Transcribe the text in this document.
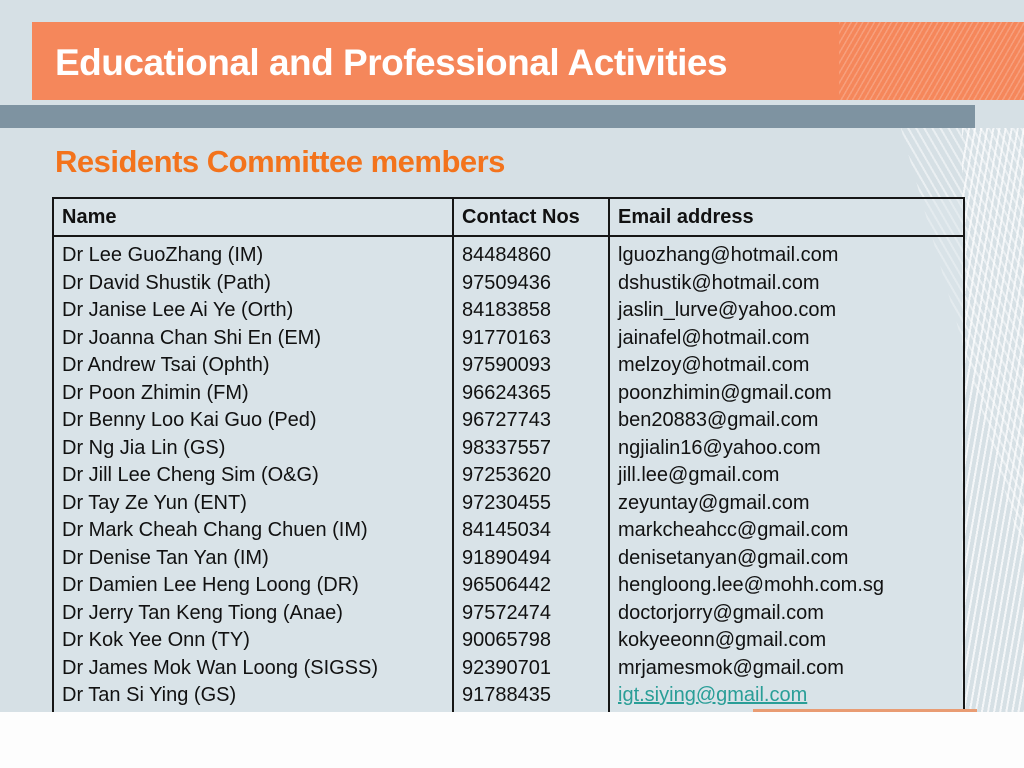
Educational and Professional Activities
Residents Committee members
Name	Contact Nos	Email address
Dr Lee GuoZhang (IM)
Dr David Shustik (Path)
Dr Janise Lee Ai Ye (Orth)
Dr Joanna Chan Shi En (EM)
Dr Andrew Tsai (Ophth)
Dr Poon Zhimin (FM)
Dr Benny Loo Kai Guo (Ped)
Dr Ng Jia Lin (GS)
Dr Jill Lee Cheng Sim (O&G)
Dr Tay Ze Yun (ENT)
Dr Mark Cheah Chang Chuen (IM)
Dr Denise Tan Yan (IM)
Dr Damien Lee Heng Loong (DR)
Dr Jerry Tan Keng Tiong (Anae)
Dr Kok Yee Onn (TY)
Dr James Mok Wan Loong (SIGSS)
Dr Tan Si Ying (GS)
84484860
97509436
84183858
91770163
97590093
96624365
96727743
98337557
97253620
97230455
84145034
91890494
96506442
97572474
90065798
92390701
91788435
lguozhang@hotmail.com
dshustik@hotmail.com
jaslin_lurve@yahoo.com
jainafel@hotmail.com
melzoy@hotmail.com
poonzhimin@gmail.com
ben20883@gmail.com
ngjialin16@yahoo.com
jill.lee@gmail.com
zeyuntay@gmail.com
markcheahcc@gmail.com
denisetanyan@gmail.com
hengloong.lee@mohh.com.sg
doctorjorry@gmail.com
kokyeeonn@gmail.com
mrjamesmok@gmail.com
igt.siying@gmail.com
